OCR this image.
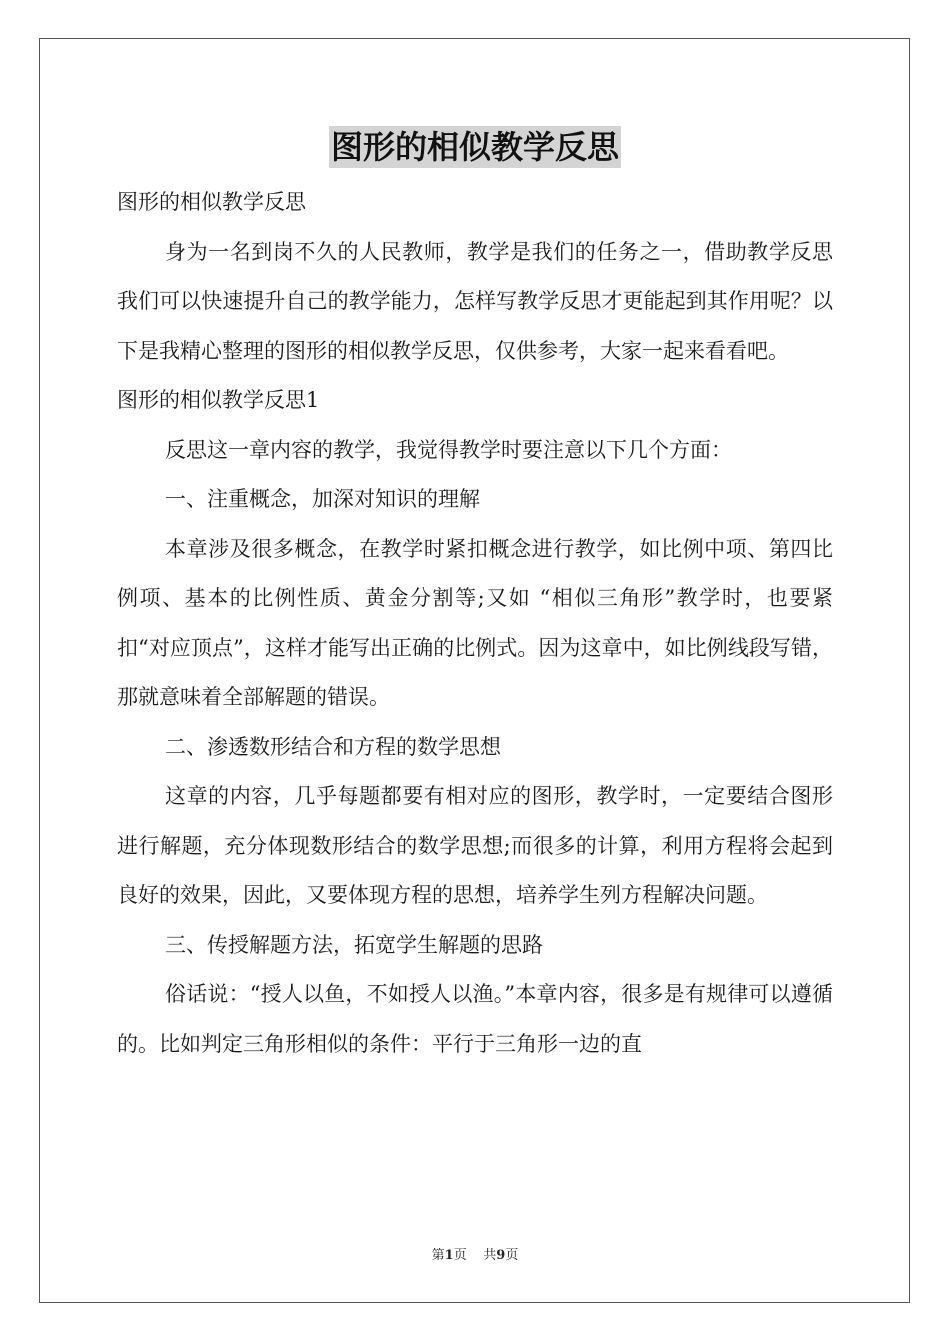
图形的相似教学反思

图形的相似教学反思

身为一名到岗不久的人民教师，教学是我们的任务之一，借助教学反思我们可以快速提升自己的教学能力，怎样写教学反思才更能起到其作用呢？以下是我精心整理的图形的相似教学反思，仅供参考，大家一起来看看吧。

图形的相似教学反思1

反思这一章内容的教学，我觉得教学时要注意以下几个方面：

一、注重概念，加深对知识的理解

本章涉及很多概念，在教学时紧扣概念进行教学，如比例中项、第四比例项、基本的比例性质、黄金分割等;又如 “相似三角形”教学时，也要紧扣“对应顶点”，这样才能写出正确的比例式。因为这章中，如比例线段写错，那就意味着全部解题的错误。

二、渗透数形结合和方程的数学思想

这章的内容，几乎每题都要有相对应的图形，教学时，一定要结合图形进行解题，充分体现数形结合的数学思想;而很多的计算，利用方程将会起到良好的效果，因此，又要体现方程的思想，培养学生列方程解决问题。

三、传授解题方法，拓宽学生解题的思路

俗话说：“授人以鱼，不如授人以渔。”本章内容，很多是有规律可以遵循的。比如判定三角形相似的条件：平行于三角形一边的直

第1页 共9页
